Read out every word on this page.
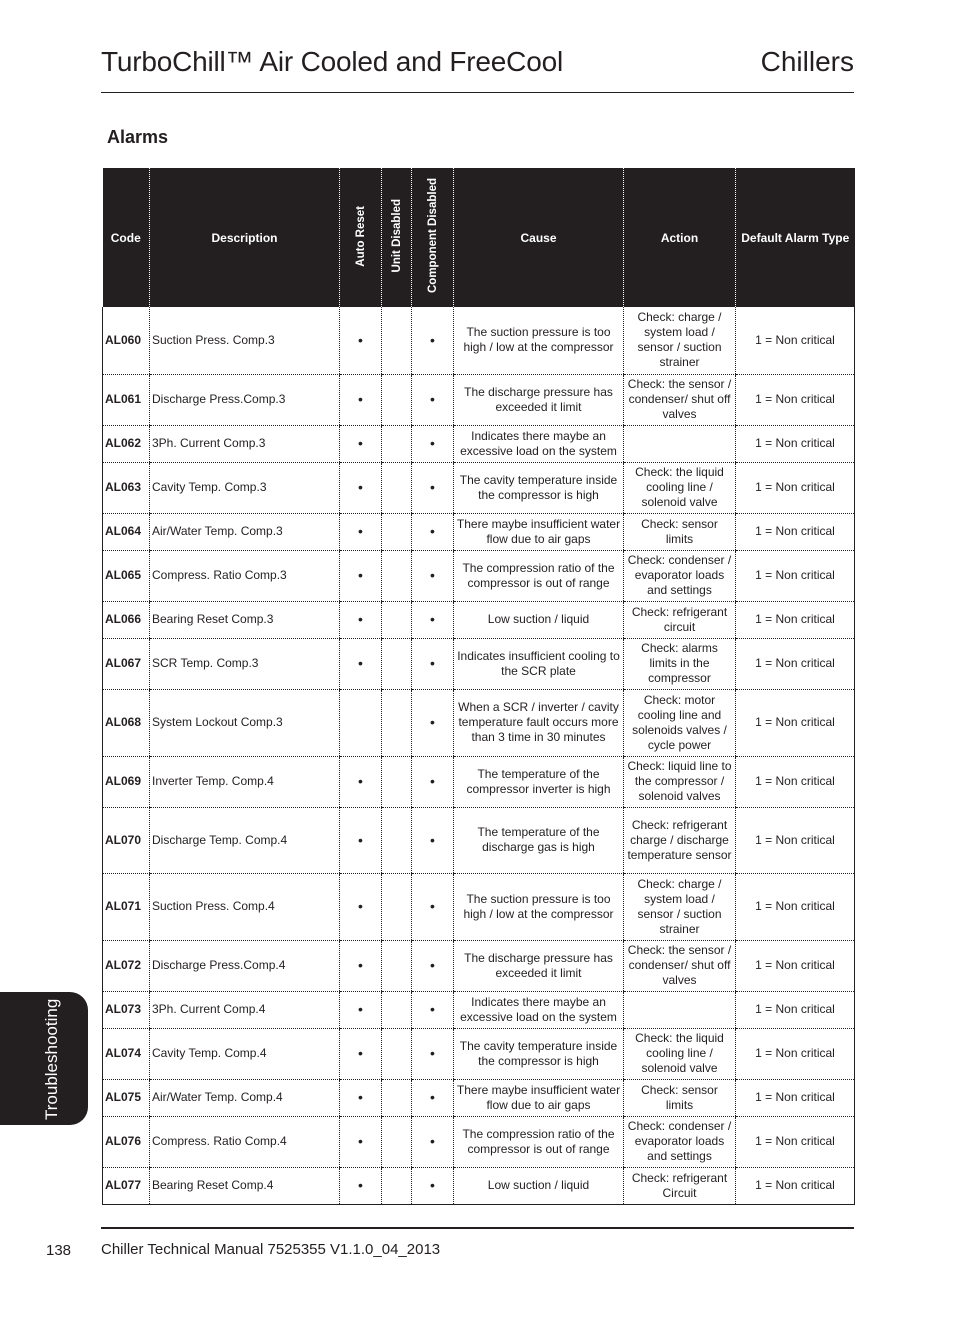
TurboChill™ Air Cooled and FreeCool	Chillers
Alarms
Code	Description	Auto Reset	Unit Disabled	Component Disabled	Cause	Action	Default Alarm Type
AL060	Suction Press. Comp.3	•		•	The suction pressure is too high / low at the compressor	Check: charge / system load / sensor / suction strainer	1 = Non critical
AL061	Discharge Press.Comp.3	•		•	The discharge pressure has exceeded it limit	Check: the sensor / condenser/ shut off valves	1 = Non critical
AL062	3Ph. Current Comp.3	•		•	Indicates there maybe an excessive load on the system		1 = Non critical
AL063	Cavity Temp. Comp.3	•		•	The cavity temperature inside the compressor is high	Check: the liquid cooling line / solenoid valve	1 = Non critical
AL064	Air/Water Temp. Comp.3	•		•	There maybe insufficient water flow due to air gaps	Check: sensor limits	1 = Non critical
AL065	Compress. Ratio Comp.3	•		•	The compression ratio of the compressor is out of range	Check: condenser / evaporator loads and settings	1 = Non critical
AL066	Bearing Reset Comp.3	•		•	Low suction / liquid	Check: refrigerant circuit	1 = Non critical
AL067	SCR Temp. Comp.3	•		•	Indicates insufficient cooling to the SCR plate	Check: alarms limits in the compressor	1 = Non critical
AL068	System Lockout Comp.3			•	When a SCR / inverter / cavity temperature fault occurs more than 3 time in 30 minutes	Check: motor cooling line and solenoids valves / cycle power	1 = Non critical
AL069	Inverter Temp. Comp.4	•		•	The temperature of the compressor inverter is high	Check: liquid line to the compressor / solenoid valves	1 = Non critical
AL070	Discharge Temp. Comp.4	•		•	The temperature of the discharge gas is high	Check: refrigerant charge / discharge temperature sensor	1 = Non critical
AL071	Suction Press. Comp.4	•		•	The suction pressure is too high / low at the compressor	Check: charge / system load / sensor / suction strainer	1 = Non critical
AL072	Discharge Press.Comp.4	•		•	The discharge pressure has exceeded it limit	Check: the sensor / condenser/ shut off valves	1 = Non critical
AL073	3Ph. Current Comp.4	•		•	Indicates there maybe an excessive load on the system		1 = Non critical
AL074	Cavity Temp. Comp.4	•		•	The cavity temperature inside the compressor is high	Check: the liquid cooling line / solenoid valve	1 = Non critical
AL075	Air/Water Temp. Comp.4	•		•	There maybe insufficient water flow due to air gaps	Check: sensor limits	1 = Non critical
AL076	Compress. Ratio Comp.4	•		•	The compression ratio of the compressor is out of range	Check: condenser / evaporator loads and settings	1 = Non critical
AL077	Bearing Reset Comp.4	•		•	Low suction / liquid	Check: refrigerant Circuit	1 = Non critical
Troubleshooting
138 Chiller Technical Manual 7525355 V1.1.0_04_2013
